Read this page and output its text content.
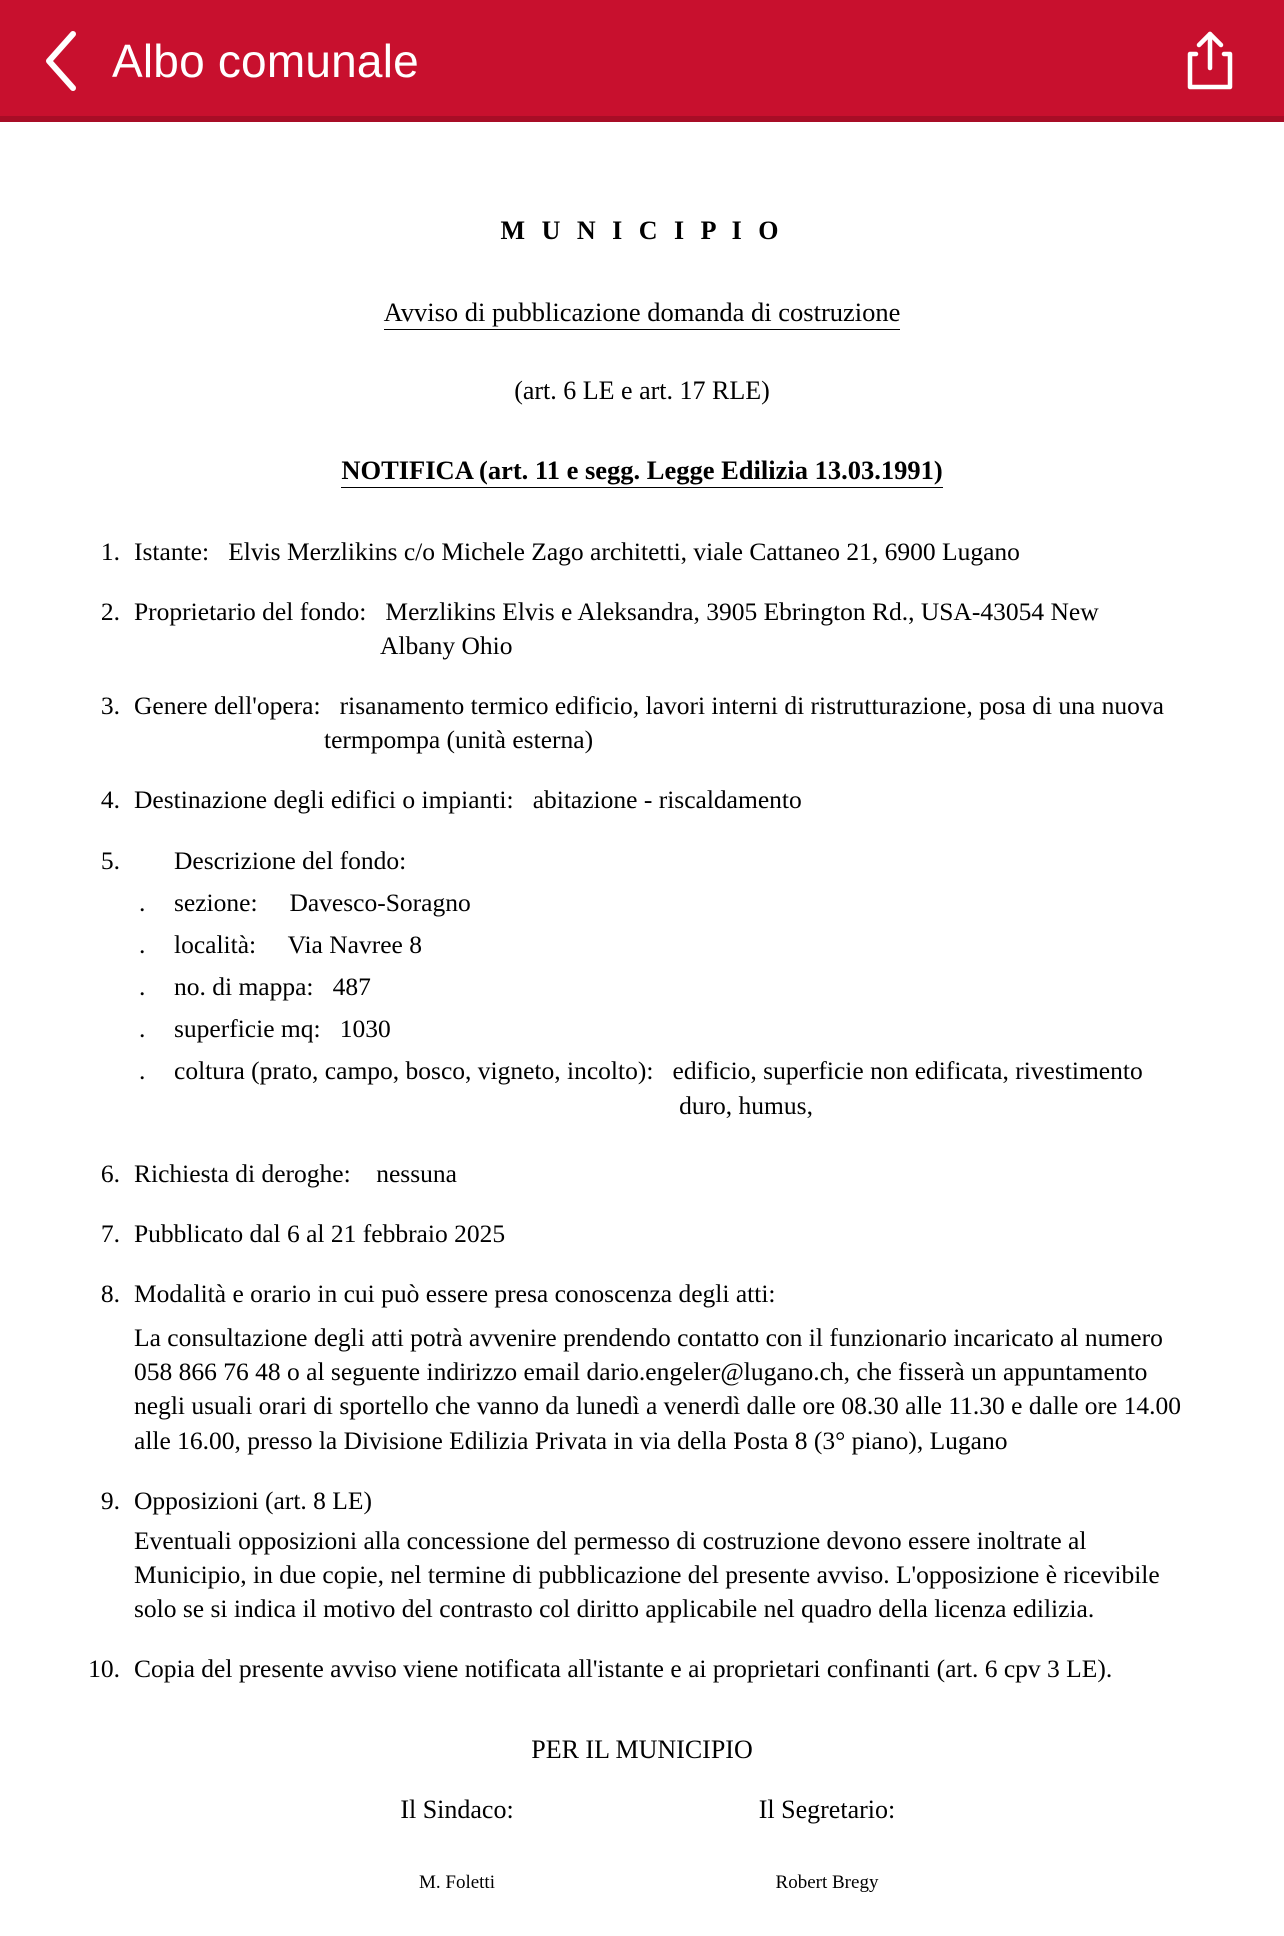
Albo comunale
M U N I C I P I O
Avviso di pubblicazione domanda di costruzione
(art. 6 LE e art. 17 RLE)
NOTIFICA (art. 11 e segg. Legge Edilizia 13.03.1991)
1. Istante: Elvis Merzlikins c/o Michele Zago architetti, viale Cattaneo 21, 6900 Lugano
2. Proprietario del fondo: Merzlikins Elvis e Aleksandra, 3905 Ebrington Rd., USA-43054 New
Albany Ohio
3. Genere dell'opera: risanamento termico edificio, lavori interni di ristrutturazione, posa di una nuova
termpompa (unità esterna)
4. Destinazione degli edifici o impianti: abitazione - riscaldamento
5.	Descrizione del fondo:
.	sezione: Davesco-Soragno
.	località: Via Navree 8
.	no. di mappa: 487
.	superficie mq: 1030
.	coltura (prato, campo, bosco, vigneto, incolto): edificio, superficie non edificata, rivestimento
duro, humus,
6. Richiesta di deroghe: nessuna
7. Pubblicato dal 6 al 21 febbraio 2025
8. Modalità e orario in cui può essere presa conoscenza degli atti:
La consultazione degli atti potrà avvenire prendendo contatto con il funzionario incaricato al numero 058 866 76 48 o al seguente indirizzo email dario.engeler@lugano.ch, che fisserà un appuntamento negli usuali orari di sportello che vanno da lunedì a venerdì dalle ore 08.30 alle 11.30 e dalle ore 14.00 alle 16.00, presso la Divisione Edilizia Privata in via della Posta 8 (3° piano), Lugano
9. Opposizioni (art. 8 LE)
Eventuali opposizioni alla concessione del permesso di costruzione devono essere inoltrate al Municipio, in due copie, nel termine di pubblicazione del presente avviso. L'opposizione è ricevibile solo se si indica il motivo del contrasto col diritto applicabile nel quadro della licenza edilizia.
10. Copia del presente avviso viene notificata all'istante e ai proprietari confinanti (art. 6 cpv 3 LE).
PER IL MUNICIPIO
Il Sindaco:	Il Segretario:
M. Foletti	Robert Bregy
